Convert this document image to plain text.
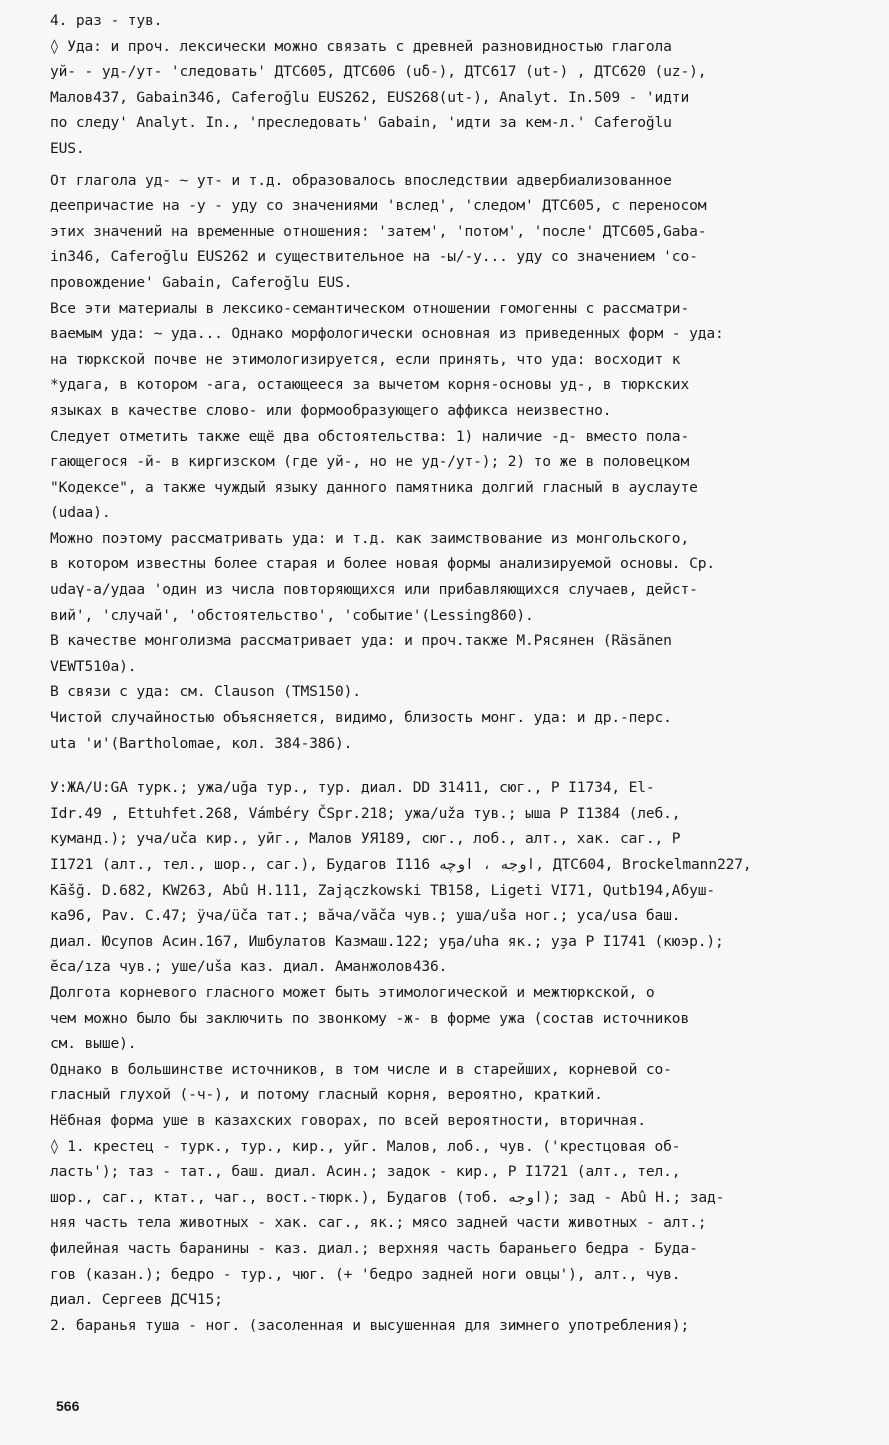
4. раз - тув.
◊ Уда: и проч. лексически можно связать с древней разновидностью глагола
уй- - уд-/ут- 'следовать' ДТС605, ДТС606 (uδ-), ДТС617 (ut-) , ДТС620 (uz-),
Малов437, Gabain346, Caferoğlu EUS262, EUS268(ut-), Analyt. In.509 - 'идти
по следу' Analyt. In., 'преследовать' Gabain, 'идти за кем-л.' Caferoğlu
EUS.
От глагола уд- ~ ут- и т.д. образовалось впоследствии адвербиализованное
деепричастие на -у - уду со значениями 'вслед', 'следом' ДТС605, с переносом
этих значений на временные отношения: 'затем', 'потом', 'после' ДТС605,Gaba-
in346, Caferoğlu EUS262 и существительное на -ы/-у... уду со значением 'со-
провождение' Gabain, Caferoğlu EUS.
Все эти материалы в лексико-семантическом отношении гомогенны с рассматри-
ваемым уда: ~ уда... Однако морфологически основная из приведенных форм - уда:
на тюркской почве не этимологизируется, если принять, что уда: восходит к
*удага, в котором -ага, остающееся за вычетом корня-основы уд-, в тюркских
языках в качестве слово- или формообразующего аффикса неизвестно.
Следует отметить также ещё два обстоятельства: 1) наличие -д- вместо пола-
гающегося -й- в киргизском (где уй-, но не уд-/ут-); 2) то же в половецком
"Кодексе", а также чуждый языку данного памятника долгий гласный в ауслауте
(udaa).
Можно поэтому рассматривать уда: и т.д. как заимствование из монгольского,
в котором известны более старая и более новая формы анализируемой основы. Ср.
udaγ-a/удаа 'один из числа повторяющихся или прибавляющихся случаев, дейст-
вий', 'случай', 'обстоятельство', 'событие'(Lessing860).
В качестве монголизма рассматривает уда: и проч.также М.Рясянен (Räsänen
VEWT510a).
В связи с уда: см. Clauson (TMS150).
Чистой случайностью объясняется, видимо, близость монг. уда: и др.-перс.
uta 'и'(Bartholomae, кол. 384-386).
У:ЖА/U:GA турк.; ужа/uğa тур., тур. диал. DD 31411, сюг., Р I1734, El-
Idr.49 , Ettuhfet.268, Vámbéry ČSpr.218; ужа/uža тув.; ыша Р I1384 (леб.,
куманд.); уча/uča кир., уйг., Малов УЯ189, сюг., лоб., алт., хак. саг., Р
I1721 (алт., тел., шор., саг.), Будагов I116 اوجه ، اوچه, ДТС604, Brockelmann227,
Kāšğ. D.682, KW263, Abû H.111, Zajączkowski TB158, Ligeti VI71, Qutb194,Абуш-
ка96, Pav. C.47; ӱча/üča тат.; вӑча/văča чув.; уша/uša ног.; уса/usa баш.
диал. Юсупов Асин.167, Ишбулатов Казмаш.122; уҕа/uha як.; уҙа Р I1741 (кюэр.);
ӗса/ıza чув.; уше/uša каз. диал. Аманжолов436.
Долгота корневого гласного может быть этимологической и межтюркской, о
чем можно было бы заключить по звонкому -ж- в форме ужа (состав источников
см. выше).
Однако в большинстве источников, в том числе и в старейших, корневой со-
гласный глухой (-ч-), и потому гласный корня, вероятно, краткий.
Нёбная форма уше в казахских говорах, по всей вероятности, вторичная.
◊ 1. крестец - турк., тур., кир., уйг. Малов, лоб., чув. ('крестцовая об-
ласть'); таз - тат., баш. диал. Асин.; задок - кир., Р I1721 (алт., тел.,
шор., саг., ктат., чаг., вост.-тюрк.), Будагов (тоб. اوجه); зад - Abû H.; зад-
няя часть тела животных - хак. саг., як.; мясо задней части животных - алт.;
филейная часть баранины - каз. диал.; верхняя часть бараньего бедра - Буда-
гов (казан.); бедро - тур., чюг. (+ 'бедро задней ноги овцы'), алт., чув.
диал. Сергеев ДСЧ15;
2. баранья туша - ног. (засоленная и высушенная для зимнего употребления);
566
